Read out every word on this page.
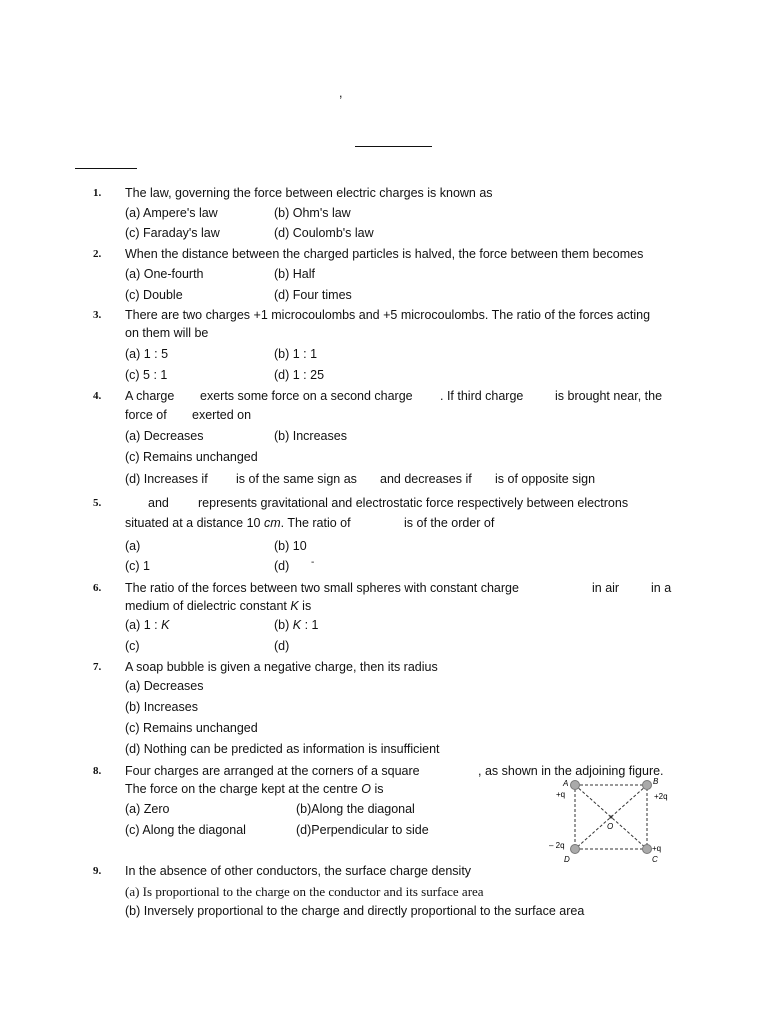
,
1.	The law, governing the force between electric charges is known as
(a) Ampere's law	(b) Ohm's law
(c) Faraday's law	(d) Coulomb's law
2.	When the distance between the charged particles is halved, the force between them becomes
(a) One-fourth	(b) Half
(c) Double	(d) Four times
3.	There are two charges +1 microcoulombs and +5 microcoulombs. The ratio of the forces acting
on them will be
(a) 1 : 5	(b) 1 : 1
(c) 5 : 1	(d) 1 : 25
4.	A charge exerts some force on a second charge . If third charge	is brought near, the
force of exerted on
(a) Decreases	(b) Increases
(c) Remains unchanged
(d) Increases if is of the same sign as and decreases if is of opposite sign
5.	and represents gravitational and electrostatic force respectively between electrons
situated at a distance 10 cm. The ratio of	is of the order of
(a)	(b) 10
(c) 1	(d) -
6.	The ratio of the forces between two small spheres with constant charge	in air	in a
medium of dielectric constant K is
(a) 1 : K	(b) K : 1
(c)	(d)
7.	A soap bubble is given a negative charge, then its radius
(a) Decreases
(b) Increases
(c) Remains unchanged
(d) Nothing can be predicted as information is insufficient
8.	Four charges are arranged at the corners of a square	, as shown in the adjoining figure.
The force on the charge kept at the centre O is
(a) Zero	(b)Along the diagonal
(c) Along the diagonal	(d)Perpendicular to side
A	B
C
D
O
+q	+2q
+q
– 2q
9.	In the absence of other conductors, the surface charge density
(a) Is proportional to the charge on the conductor and its surface area
(b) Inversely proportional to the charge and directly proportional to the surface area
